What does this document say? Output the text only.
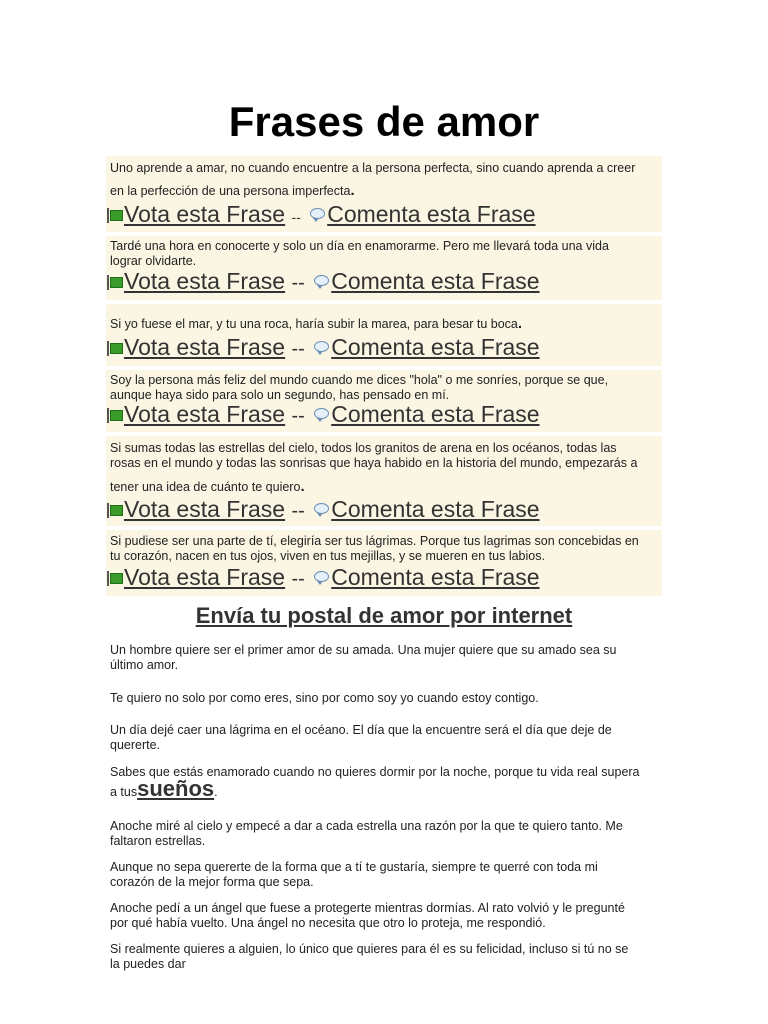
Frases de amor
Uno aprende a amar, no cuando encuentre a la persona perfecta, sino cuando aprenda a creer
en la perfección de una persona imperfecta.
Vota esta Frase -- Comenta esta Frase
Tardé una hora en conocerte y solo un día en enamorarme. Pero me llevará toda una vida
lograr olvidarte.
Vota esta Frase -- Comenta esta Frase
Si yo fuese el mar, y tu una roca, haría subir la marea, para besar tu boca.
Vota esta Frase -- Comenta esta Frase
Soy la persona más feliz del mundo cuando me dices "hola" o me sonríes, porque se que,
aunque haya sido para solo un segundo, has pensado en mí.
Vota esta Frase -- Comenta esta Frase
Si sumas todas las estrellas del cielo, todos los granitos de arena en los océanos, todas las
rosas en el mundo y todas las sonrisas que haya habido en la historia del mundo, empezarás a
tener una idea de cuánto te quiero.
Vota esta Frase -- Comenta esta Frase
Si pudiese ser una parte de tí, elegiría ser tus lágrimas. Porque tus lagrimas son concebidas en
tu corazón, nacen en tus ojos, viven en tus mejillas, y se mueren en tus labios.
Vota esta Frase -- Comenta esta Frase
Envía tu postal de amor por internet
Un hombre quiere ser el primer amor de su amada. Una mujer quiere que su amado sea su
último amor.
Te quiero no solo por como eres, sino por como soy yo cuando estoy contigo.
Un día dejé caer una lágrima en el océano. El día que la encuentre será el día que deje de
quererte.
Sabes que estás enamorado cuando no quieres dormir por la noche, porque tu vida real supera
a tussueños.
Anoche miré al cielo y empecé a dar a cada estrella una razón por la que te quiero tanto. Me
faltaron estrellas.
Aunque no sepa quererte de la forma que a tí te gustaría, siempre te querré con toda mi
corazón de la mejor forma que sepa.
Anoche pedí a un ángel que fuese a protegerte mientras dormías. Al rato volvió y le pregunté
por qué había vuelto. Una ángel no necesita que otro lo proteja, me respondió.
Si realmente quieres a alguien, lo único que quieres para él es su felicidad, incluso si tú no se
la puedes dar
